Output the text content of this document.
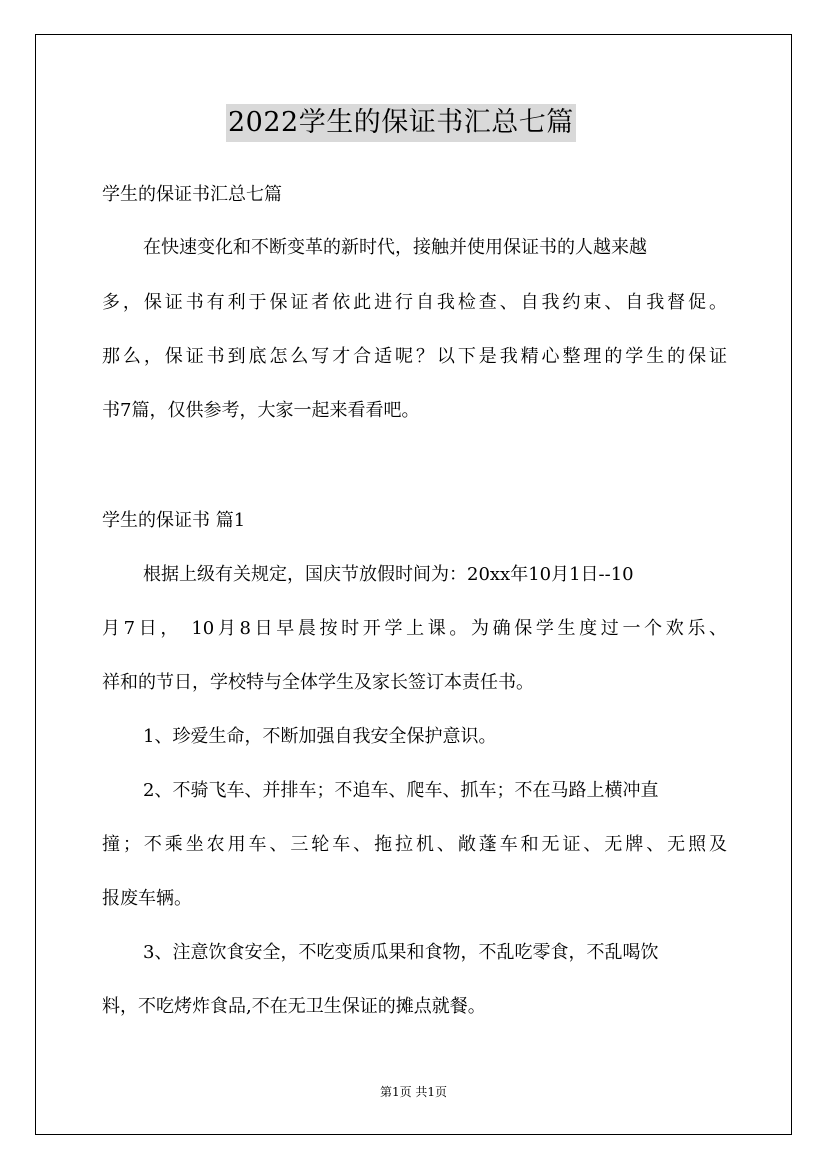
2022学生的保证书汇总七篇
学生的保证书汇总七篇
在快速变化和不断变革的新时代，接触并使用保证书的人越来越
多，保证书有利于保证者依此进行自我检查、自我约束、自我督促。
那么，保证书到底怎么写才合适呢？以下是我精心整理的学生的保证
书7篇，仅供参考，大家一起来看看吧。
学生的保证书 篇1
根据上级有关规定，国庆节放假时间为：20xx年10月1日--10
月7日， 10月8日早晨按时开学上课。为确保学生度过一个欢乐、
祥和的节日，学校特与全体学生及家长签订本责任书。
1、珍爱生命，不断加强自我安全保护意识。
2、不骑飞车、并排车；不追车、爬车、抓车；不在马路上横冲直
撞；不乘坐农用车、三轮车、拖拉机、敞蓬车和无证、无牌、无照及
报废车辆。
3、注意饮食安全，不吃变质瓜果和食物，不乱吃零食，不乱喝饮
料，不吃烤炸食品,不在无卫生保证的摊点就餐。
第1页 共1页
